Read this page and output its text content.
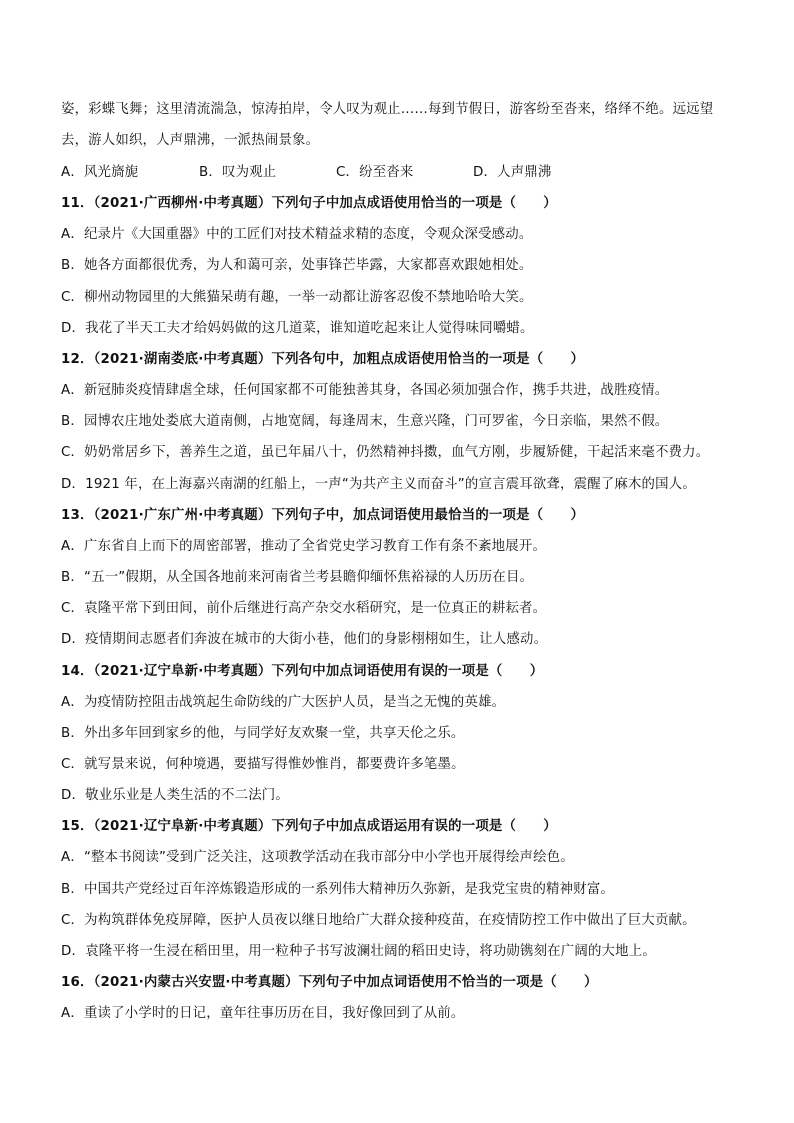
姿，彩蝶飞舞；这里清流湍急，惊涛拍岸，令人叹为观止……每到节假日，游客纷至沓来，络绎不绝。远远望
去，游人如织，人声鼎沸，一派热闹景象。
A．风光旖旎	B．叹为观止	C．纷至沓来	D．人声鼎沸
11．（2021·广西柳州·中考真题）下列句子中加点成语使用恰当的一项是（　　）
A．纪录片《大国重器》中的工匠们对技术精益求精的态度，令观众深受感动。
B．她各方面都很优秀，为人和蔼可亲，处事锋芒毕露，大家都喜欢跟她相处。
C．柳州动物园里的大熊猫呆萌有趣，一举一动都让游客忍俊不禁地哈哈大笑。
D．我花了半天工夫才给妈妈做的这几道菜，谁知道吃起来让人觉得味同嚼蜡。
12．（2021·湖南娄底·中考真题）下列各句中，加粗点成语使用恰当的一项是（　　）
A．新冠肺炎疫情肆虐全球，任何国家都不可能独善其身，各国必须加强合作，携手共进，战胜疫情。
B．园博农庄地处娄底大道南侧，占地宽阔，每逢周末，生意兴隆，门可罗雀，今日亲临，果然不假。
C．奶奶常居乡下，善养生之道，虽已年届八十，仍然精神抖擞，血气方刚，步履矫健，干起活来毫不费力。
D．1921 年，在上海嘉兴南湖的红船上，一声“为共产主义而奋斗”的宣言震耳欲聋，震醒了麻木的国人。
13．（2021·广东广州·中考真题）下列句子中，加点词语使用最恰当的一项是（　　）
A．广东省自上而下的周密部署，推动了全省党史学习教育工作有条不紊地展开。
B．“五一”假期，从全国各地前来河南省兰考县瞻仰缅怀焦裕禄的人历历在目。
C．袁隆平常下到田间，前仆后继进行高产杂交水稻研究，是一位真正的耕耘者。
D．疫情期间志愿者们奔波在城市的大街小巷，他们的身影栩栩如生，让人感动。
14．（2021·辽宁阜新·中考真题）下列句中加点词语使用有误的一项是（　　）
A．为疫情防控阻击战筑起生命防线的广大医护人员，是当之无愧的英雄。
B．外出多年回到家乡的他，与同学好友欢聚一堂，共享天伦之乐。
C．就写景来说，何种境遇，要描写得惟妙惟肖，都要费许多笔墨。
D．敬业乐业是人类生活的不二法门。
15．（2021·辽宁阜新·中考真题）下列句子中加点成语运用有误的一项是（　　）
A．“整本书阅读”受到广泛关注，这项教学活动在我市部分中小学也开展得绘声绘色。
B．中国共产党经过百年淬炼锻造形成的一系列伟大精神历久弥新，是我党宝贵的精神财富。
C．为构筑群体免疫屏障，医护人员夜以继日地给广大群众接种疫苗，在疫情防控工作中做出了巨大贡献。
D．袁隆平将一生浸在稻田里，用一粒种子书写波澜壮阔的稻田史诗，将功勋镌刻在广阔的大地上。
16．（2021·内蒙古兴安盟·中考真题）下列句子中加点词语使用不恰当的一项是（　　）
A．重读了小学时的日记，童年往事历历在目，我好像回到了从前。
